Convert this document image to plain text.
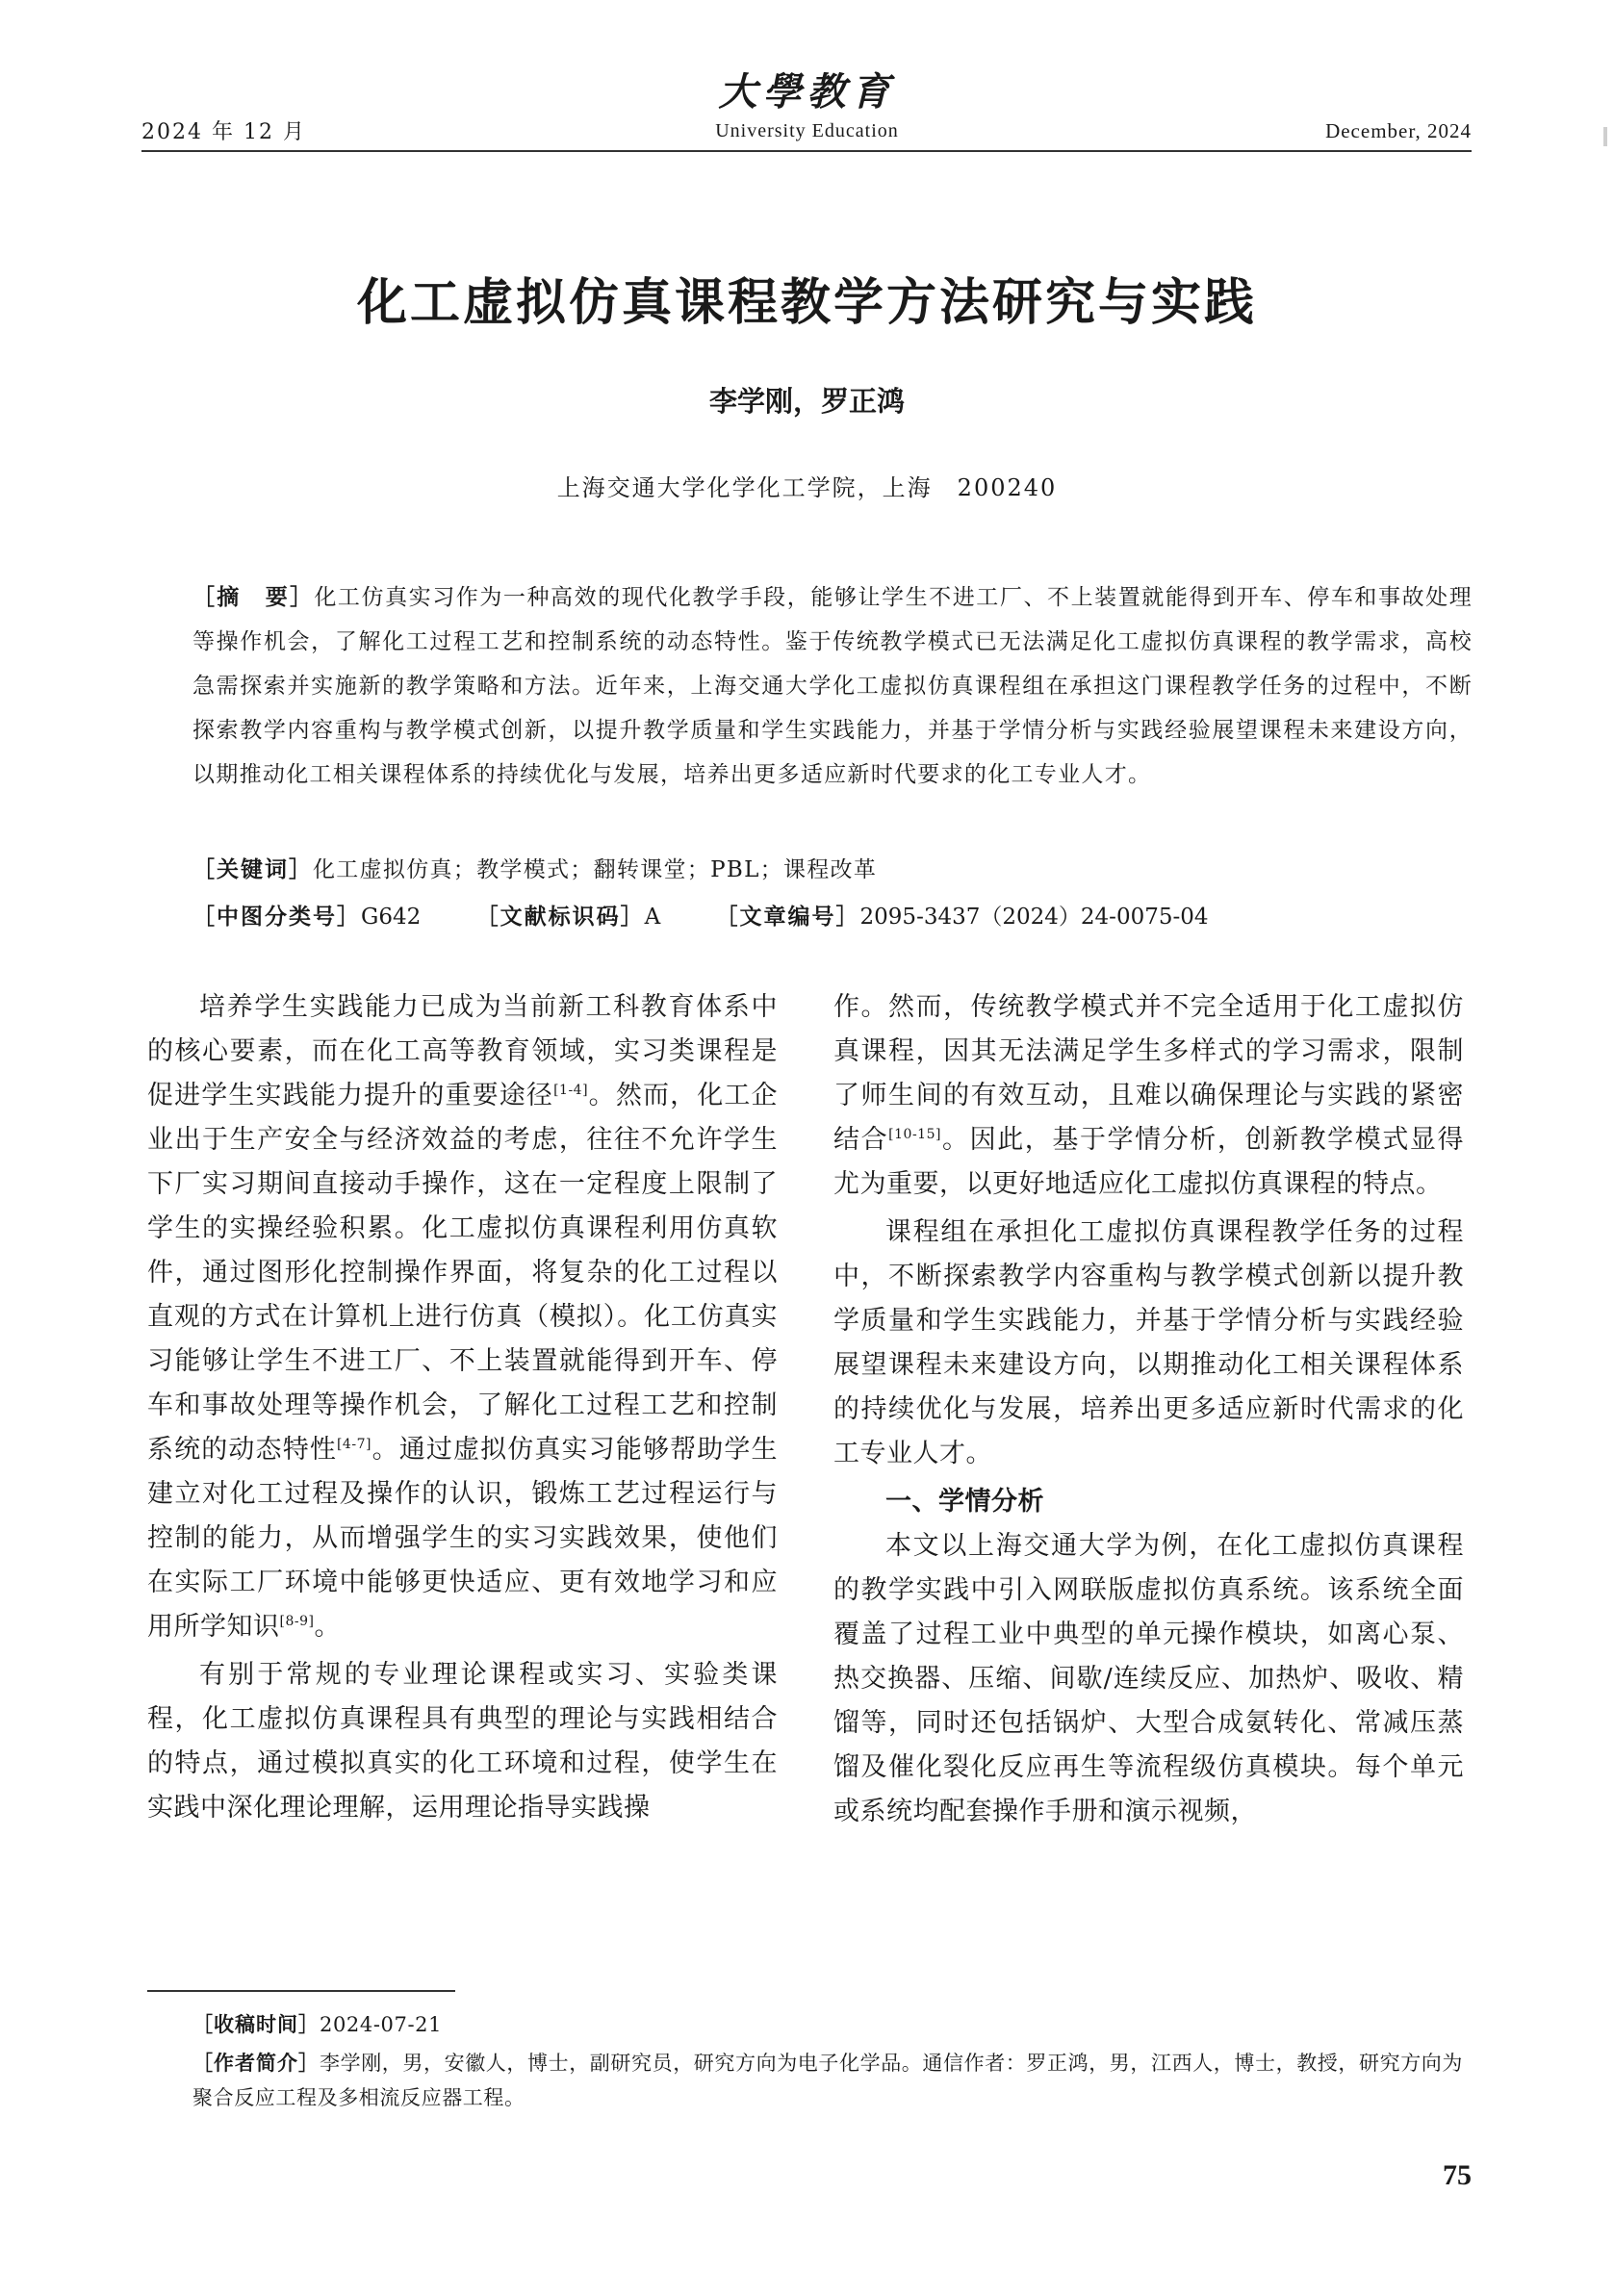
2024 年 12 月
大學教育
University Education	December, 2024
化工虚拟仿真课程教学方法研究与实践
李学刚，罗正鸿
上海交通大学化学化工学院，上海　200240
［摘　要］化工仿真实习作为一种高效的现代化教学手段，能够让学生不进工厂、不上装置就能得到开车、停车和事故处理等操作机会，了解化工过程工艺和控制系统的动态特性。鉴于传统教学模式已无法满足化工虚拟仿真课程的教学需求，高校急需探索并实施新的教学策略和方法。近年来，上海交通大学化工虚拟仿真课程组在承担这门课程教学任务的过程中，不断探索教学内容重构与教学模式创新，以提升教学质量和学生实践能力，并基于学情分析与实践经验展望课程未来建设方向，以期推动化工相关课程体系的持续优化与发展，培养出更多适应新时代要求的化工专业人才。
［关键词］化工虚拟仿真；教学模式；翻转课堂；PBL；课程改革
［中图分类号］G642 ［文献标识码］A ［文章编号］2095-3437（2024）24-0075-04

培养学生实践能力已成为当前新工科教育体系中的核心要素，而在化工高等教育领域，实习类课程是促进学生实践能力提升的重要途径[1-4]。然而，化工企业出于生产安全与经济效益的考虑，往往不允许学生下厂实习期间直接动手操作，这在一定程度上限制了学生的实操经验积累。化工虚拟仿真课程利用仿真软件，通过图形化控制操作界面，将复杂的化工过程以直观的方式在计算机上进行仿真（模拟）。化工仿真实习能够让学生不进工厂、不上装置就能得到开车、停车和事故处理等操作机会，了解化工过程工艺和控制系统的动态特性[4-7]。通过虚拟仿真实习能够帮助学生建立对化工过程及操作的认识，锻炼工艺过程运行与控制的能力，从而增强学生的实习实践效果，使他们在实际工厂环境中能够更快适应、更有效地学习和应用所学知识[8-9]。

有别于常规的专业理论课程或实习、实验类课程，化工虚拟仿真课程具有典型的理论与实践相结合的特点，通过模拟真实的化工环境和过程，使学生在实践中深化理论理解，运用理论指导实践操

作。然而，传统教学模式并不完全适用于化工虚拟仿真课程，因其无法满足学生多样式的学习需求，限制了师生间的有效互动，且难以确保理论与实践的紧密结合[10-15]。因此，基于学情分析，创新教学模式显得尤为重要，以更好地适应化工虚拟仿真课程的特点。

课程组在承担化工虚拟仿真课程教学任务的过程中，不断探索教学内容重构与教学模式创新以提升教学质量和学生实践能力，并基于学情分析与实践经验展望课程未来建设方向，以期推动化工相关课程体系的持续优化与发展，培养出更多适应新时代需求的化工专业人才。

一、学情分析

本文以上海交通大学为例，在化工虚拟仿真课程的教学实践中引入网联版虚拟仿真系统。该系统全面覆盖了过程工业中典型的单元操作模块，如离心泵、热交换器、压缩、间歇/连续反应、加热炉、吸收、精馏等，同时还包括锅炉、大型合成氨转化、常减压蒸馏及催化裂化反应再生等流程级仿真模块。每个单元或系统均配套操作手册和演示视频，

［收稿时间］2024-07-21
［作者简介］李学刚，男，安徽人，博士，副研究员，研究方向为电子化学品。通信作者：罗正鸿，男，江西人，博士，教授，研究方向为聚合反应工程及多相流反应器工程。
75
